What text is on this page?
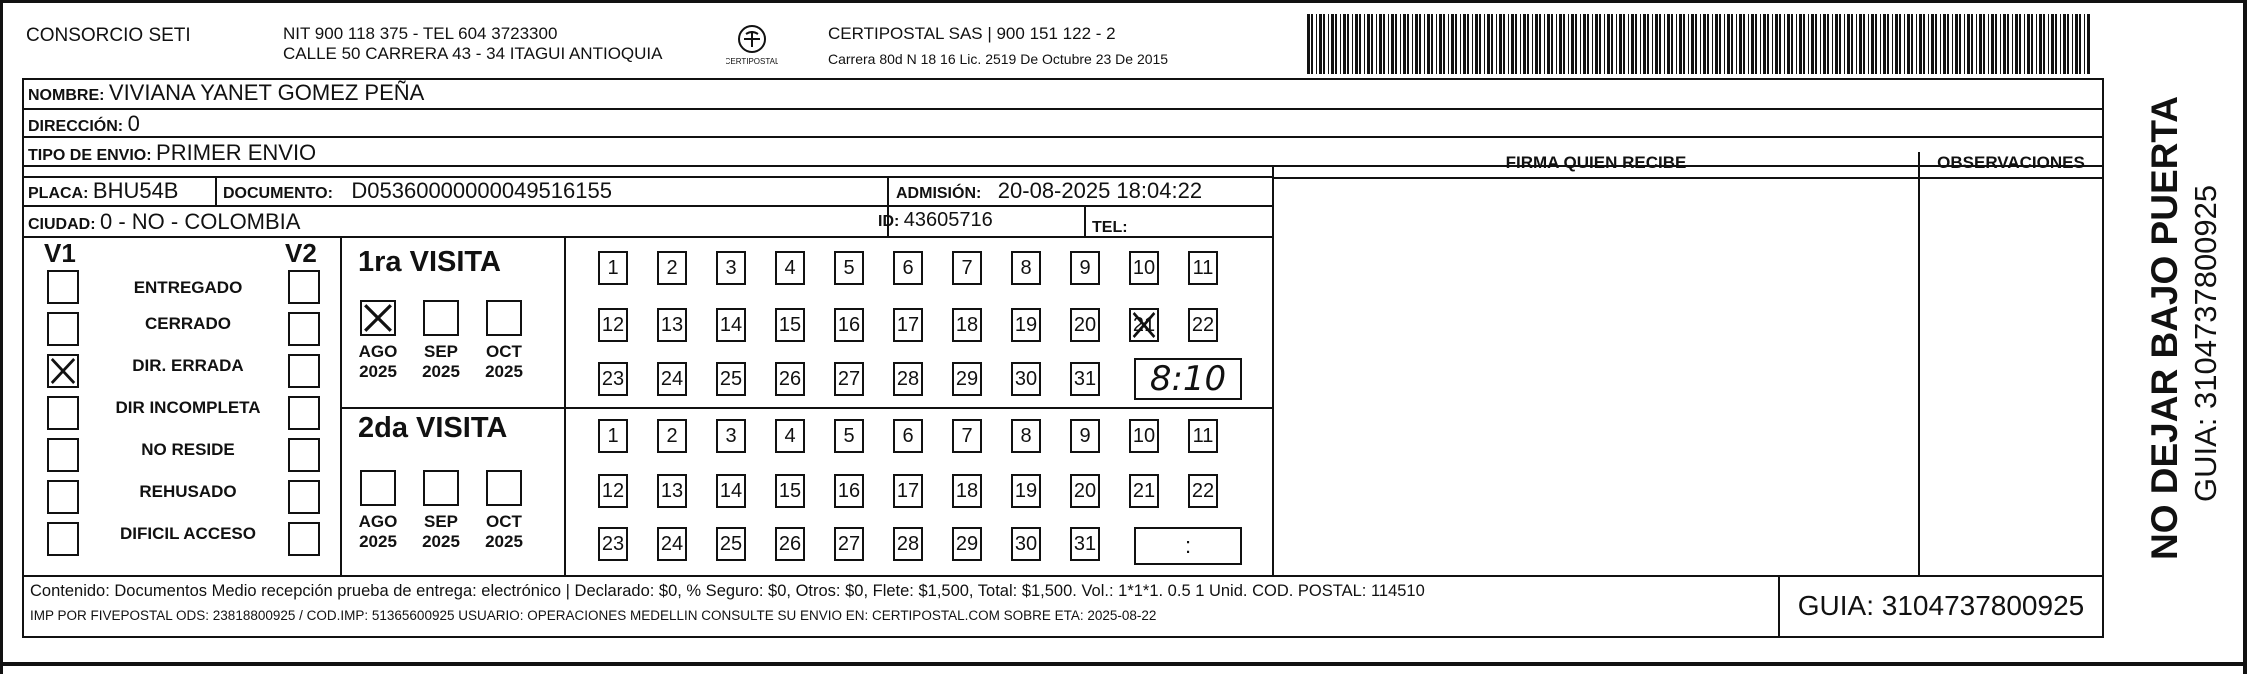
CONSORCIO SETI	NIT 900 118 375 - TEL 604 3723300
CALLE 50 CARRERA 43 - 34 ITAGUI ANTIOQUIA	CERTIPOSTAL
CERTIPOSTAL SAS | 900 151 122 - 2
Carrera 80d N 18 16 Lic. 2519 De Octubre 23 De 2015
NOMBRE: VIVIANA YANET GOMEZ PEÑA
DIRECCIÓN: 0
TIPO DE ENVIO: PRIMER ENVIO
PLACA: BHU54B	DOCUMENTO: D05360000000049516155	ADMISIÓN: 20-08-2025 18:04:22
CIUDAD: 0 - NO - COLOMBIA	ID: 43605716	TEL:
FIRMA QUIEN RECIBE	OBSERVACIONES
V1	V2
ENTREGADO
CERRADO
DIR. ERRADA
DIR INCOMPLETA
NO RESIDE
REHUSADO
DIFICIL ACCESO
1ra VISITA
AGO
2025
SEP
2025
OCT
2025
1 2 3 4 5 6 7 8 9 10 11
12 13 14 15 16 17 18 19 20 21 22
23 24 25 26 27 28 29 30 31 8:10
2da VISITA
AGO
2025
SEP
2025
OCT
2025
1 2 3 4 5 6 7 8 9 10 11
12 13 14 15 16 17 18 19 20 21 22
23 24 25 26 27 28 29 30 31	:
Contenido: Documentos Medio recepción prueba de entrega: electrónico | Declarado: $0, % Seguro: $0, Otros: $0, Flete: $1,500, Total: $1,500. Vol.: 1*1*1. 0.5 1 Unid. COD. POSTAL: 114510
IMP POR FIVEPOSTAL ODS: 23818800925 / COD.IMP: 51365600925 USUARIO: OPERACIONES MEDELLIN CONSULTE SU ENVIO EN: CERTIPOSTAL.COM SOBRE ETA: 2025-08-22	GUIA: 3104737800925
NO DEJAR BAJO PUERTA GUIA: 3104737800925
